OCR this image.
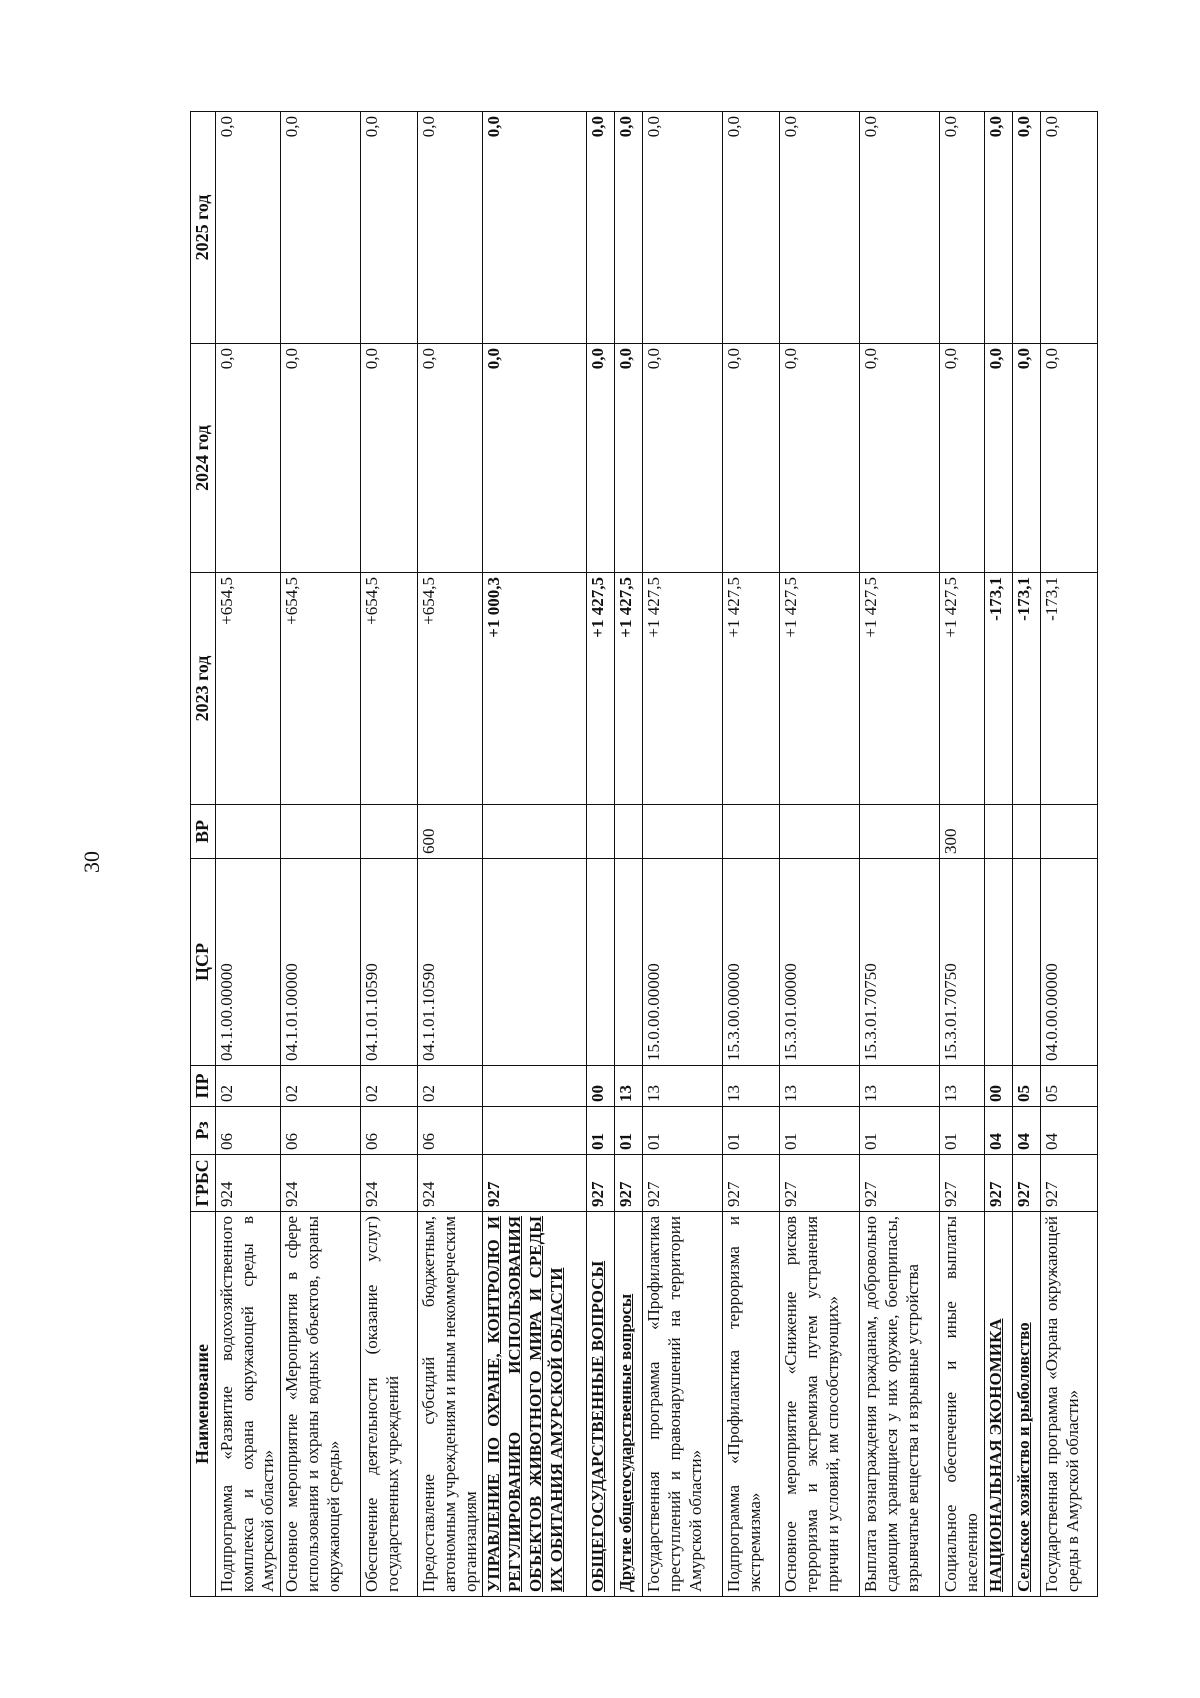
30
Наименование	ГРБС	Рз	ПР	ЦСР	ВР	2023 год	2024 год	2025 год
Подпрограмма «Развитие водохозяйственного комплекса и охрана окружающей среды в Амурской области»	924	06	02	04.1.00.00000		+654,5	0,0	0,0
Основное мероприятие «Мероприятия в сфере использования и охраны водных объектов, охраны окружающей среды»	924	06	02	04.1.01.00000		+654,5	0,0	0,0
Обеспечение деятельности (оказание услуг) государственных учреждений	924	06	02	04.1.01.10590		+654,5	0,0	0,0
Предоставление субсидий бюджетным, автономным учреждениям и иным некоммерческим организациям	924	06	02	04.1.01.10590	600	+654,5	0,0	0,0
УПРАВЛЕНИЕ ПО ОХРАНЕ, КОНТРОЛЮ И РЕГУЛИРОВАНИЮ ИСПОЛЬЗОВАНИЯ ОБЪЕКТОВ ЖИВОТНОГО МИРА И СРЕДЫ ИХ ОБИТАНИЯ АМУРСКОЙ ОБЛАСТИ	927					+1 000,3	0,0	0,0
ОБЩЕГОСУДАРСТВЕННЫЕ ВОПРОСЫ	927	01	00			+1 427,5	0,0	0,0
Другие общегосударственные вопросы	927	01	13			+1 427,5	0,0	0,0
Государственная программа «Профилактика преступлений и правонарушений на территории Амурской области»	927	01	13	15.0.00.00000		+1 427,5	0,0	0,0
Подпрограмма «Профилактика терроризма и экстремизма»	927	01	13	15.3.00.00000		+1 427,5	0,0	0,0
Основное мероприятие «Снижение рисков терроризма и экстремизма путем устранения причин и условий, им способствующих»	927	01	13	15.3.01.00000		+1 427,5	0,0	0,0
Выплата вознаграждения гражданам, добровольно сдающим хранящиеся у них оружие, боеприпасы, взрывчатые вещества и взрывные устройства	927	01	13	15.3.01.70750		+1 427,5	0,0	0,0
Социальное обеспечение и иные выплаты населению	927	01	13	15.3.01.70750	300	+1 427,5	0,0	0,0
НАЦИОНАЛЬНАЯ ЭКОНОМИКА	927	04	00			-173,1	0,0	0,0
Сельское хозяйство и рыболовство	927	04	05			-173,1	0,0	0,0
Государственная программа «Охрана окружающей среды в Амурской области»	927	04	05	04.0.00.00000		-173,1	0,0	0,0
